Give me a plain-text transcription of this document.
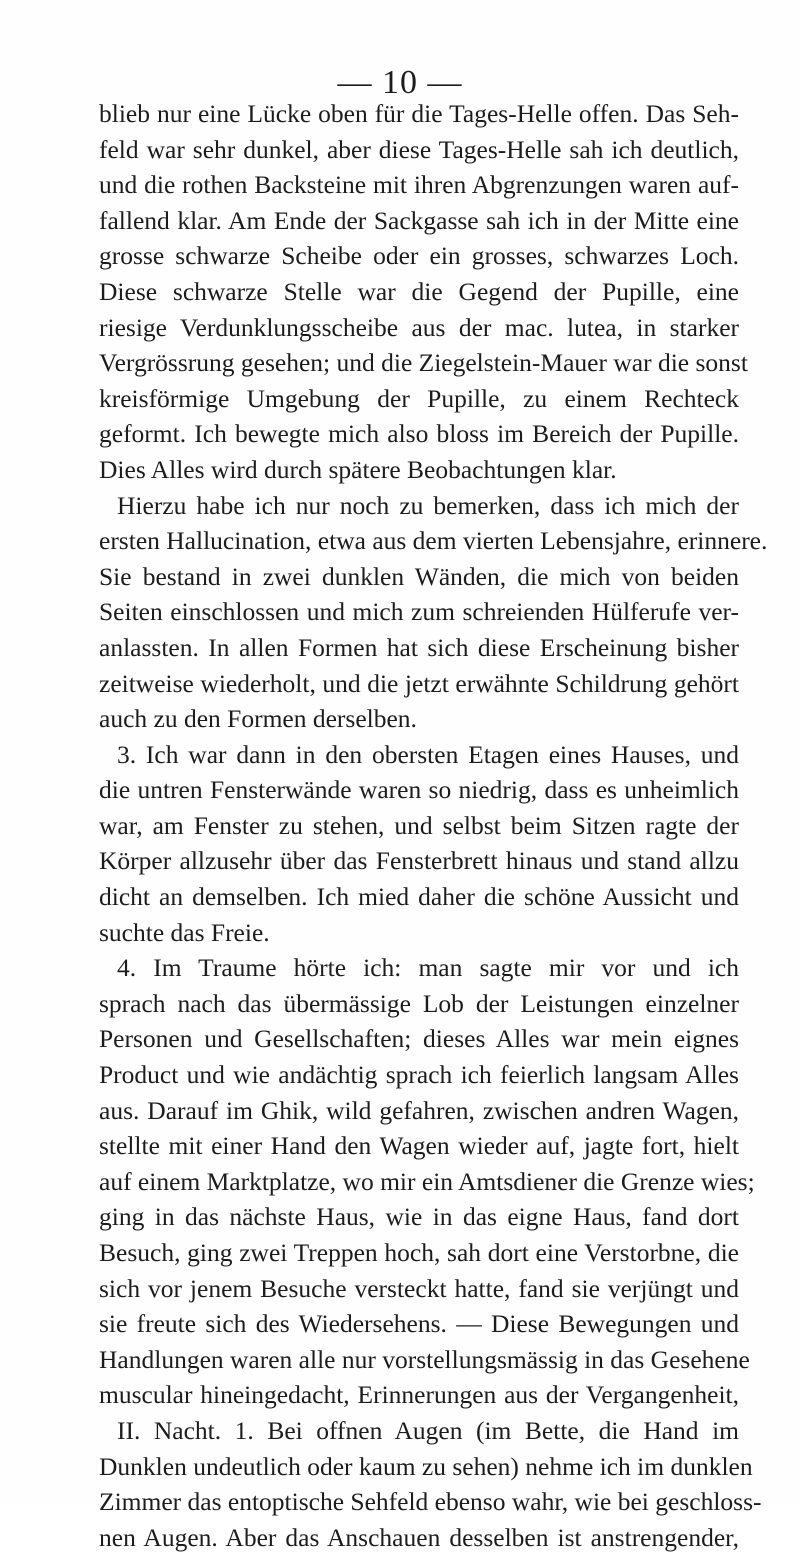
— 10 —
blieb nur eine Lücke oben für die Tages-Helle offen. Das Seh-
feld war sehr dunkel, aber diese Tages-Helle sah ich deutlich,
und die rothen Backsteine mit ihren Abgrenzungen waren auf-
fallend klar. Am Ende der Sackgasse sah ich in der Mitte eine
grosse schwarze Scheibe oder ein grosses, schwarzes Loch.
Diese schwarze Stelle war die Gegend der Pupille, eine
riesige Verdunklungsscheibe aus der mac. lutea, in starker
Vergrössrung gesehen; und die Ziegelstein-Mauer war die sonst
kreisförmige Umgebung der Pupille, zu einem Rechteck
geformt. Ich bewegte mich also bloss im Bereich der Pupille.
Dies Alles wird durch spätere Beobachtungen klar.
Hierzu habe ich nur noch zu bemerken, dass ich mich der
ersten Hallucination, etwa aus dem vierten Lebensjahre, erinnere.
Sie bestand in zwei dunklen Wänden, die mich von beiden
Seiten einschlossen und mich zum schreienden Hülferufe ver-
anlassten. In allen Formen hat sich diese Erscheinung bisher
zeitweise wiederholt, und die jetzt erwähnte Schildrung gehört
auch zu den Formen derselben.
3. Ich war dann in den obersten Etagen eines Hauses, und
die untren Fensterwände waren so niedrig, dass es unheimlich
war, am Fenster zu stehen, und selbst beim Sitzen ragte der
Körper allzusehr über das Fensterbrett hinaus und stand allzu
dicht an demselben. Ich mied daher die schöne Aussicht und
suchte das Freie.
4. Im Traume hörte ich: man sagte mir vor und ich
sprach nach das übermässige Lob der Leistungen einzelner
Personen und Gesellschaften; dieses Alles war mein eignes
Product und wie andächtig sprach ich feierlich langsam Alles
aus. Darauf im Ghik, wild gefahren, zwischen andren Wagen,
stellte mit einer Hand den Wagen wieder auf, jagte fort, hielt
auf einem Marktplatze, wo mir ein Amtsdiener die Grenze wies;
ging in das nächste Haus, wie in das eigne Haus, fand dort
Besuch, ging zwei Treppen hoch, sah dort eine Verstorbne, die
sich vor jenem Besuche versteckt hatte, fand sie verjüngt und
sie freute sich des Wiedersehens. — Diese Bewegungen und
Handlungen waren alle nur vorstellungsmässig in das Gesehene
muscular hineingedacht, Erinnerungen aus der Vergangenheit,
II. Nacht. 1. Bei offnen Augen (im Bette, die Hand im
Dunklen undeutlich oder kaum zu sehen) nehme ich im dunklen
Zimmer das entoptische Sehfeld ebenso wahr, wie bei geschloss-
nen Augen. Aber das Anschauen desselben ist anstrengender,
